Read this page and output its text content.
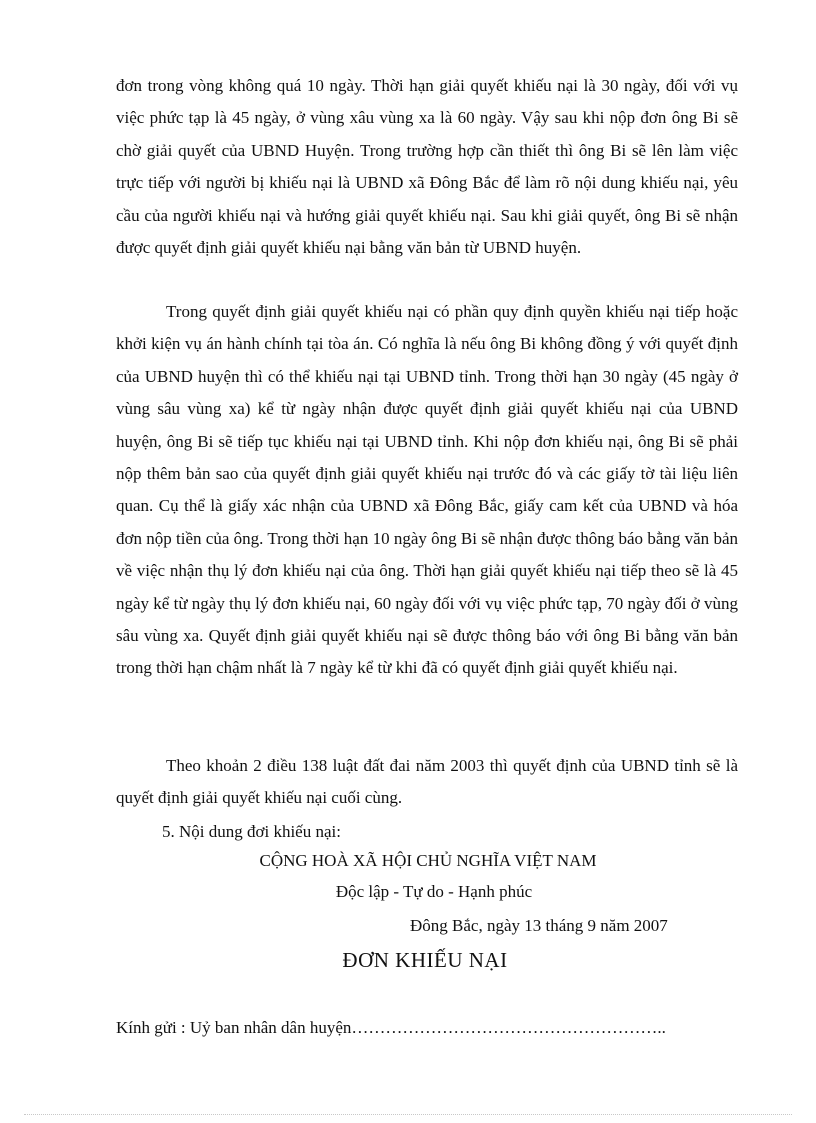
đơn trong vòng không quá 10 ngày. Thời hạn giải quyết khiếu nại là 30 ngày, đối với vụ việc phức tạp là 45 ngày, ở vùng xâu vùng xa là 60 ngày. Vậy sau khi nộp đơn ông Bi sẽ chờ giải quyết của UBND Huyện. Trong trường hợp cần thiết thì ông Bi sẽ lên làm việc trực tiếp với người bị khiếu nại là UBND xã Đông Bắc để làm rõ nội dung khiếu nại, yêu cầu của người khiếu nại và hướng giải quyết khiếu nại. Sau khi giải quyết, ông Bi sẽ nhận được quyết định giải quyết khiếu nại bằng văn bản từ UBND huyện.

Trong quyết định giải quyết khiếu nại có phần quy định quyền khiếu nại tiếp hoặc khởi kiện vụ án hành chính tại tòa án. Có nghĩa là nếu ông Bi không đồng ý với quyết định của UBND huyện thì có thể khiếu nại tại UBND tỉnh. Trong thời hạn 30 ngày (45 ngày ở vùng sâu vùng xa) kể từ ngày nhận được quyết định giải quyết khiếu nại của UBND huyện, ông Bi sẽ tiếp tục khiếu nại tại UBND tỉnh. Khi nộp đơn khiếu nại, ông Bi sẽ phải nộp thêm bản sao của quyết định giải quyết khiếu nại trước đó và các giấy tờ tài liệu liên quan. Cụ thể là giấy xác nhận của UBND xã Đông Bắc, giấy cam kết của UBND và hóa đơn nộp tiền của ông. Trong thời hạn 10 ngày ông Bi sẽ nhận được thông báo bằng văn bản về việc nhận thụ lý đơn khiếu nại của ông. Thời hạn giải quyết khiếu nại tiếp theo sẽ là 45 ngày kể từ ngày thụ lý đơn khiếu nại, 60 ngày đối với vụ việc phức tạp, 70 ngày đối ở vùng sâu vùng xa. Quyết định giải quyết khiếu nại sẽ được thông báo với ông Bi bằng văn bản trong thời hạn chậm nhất là 7 ngày kể từ khi đã có quyết định giải quyết khiếu nại.

Theo khoản 2 điều 138 luật đất đai năm 2003 thì quyết định của UBND tỉnh sẽ là quyết định giải quyết khiếu nại cuối cùng.

5. Nội dung đơi khiếu nại:

CỘNG HOÀ XÃ HỘI CHỦ NGHĨA VIỆT NAM

Độc lập - Tự do - Hạnh phúc

Đông Bắc, ngày 13 tháng 9 năm 2007

ĐƠN KHIẾU NẠI

Kính gửi : Uỷ ban nhân dân huyện………………………………………………..
